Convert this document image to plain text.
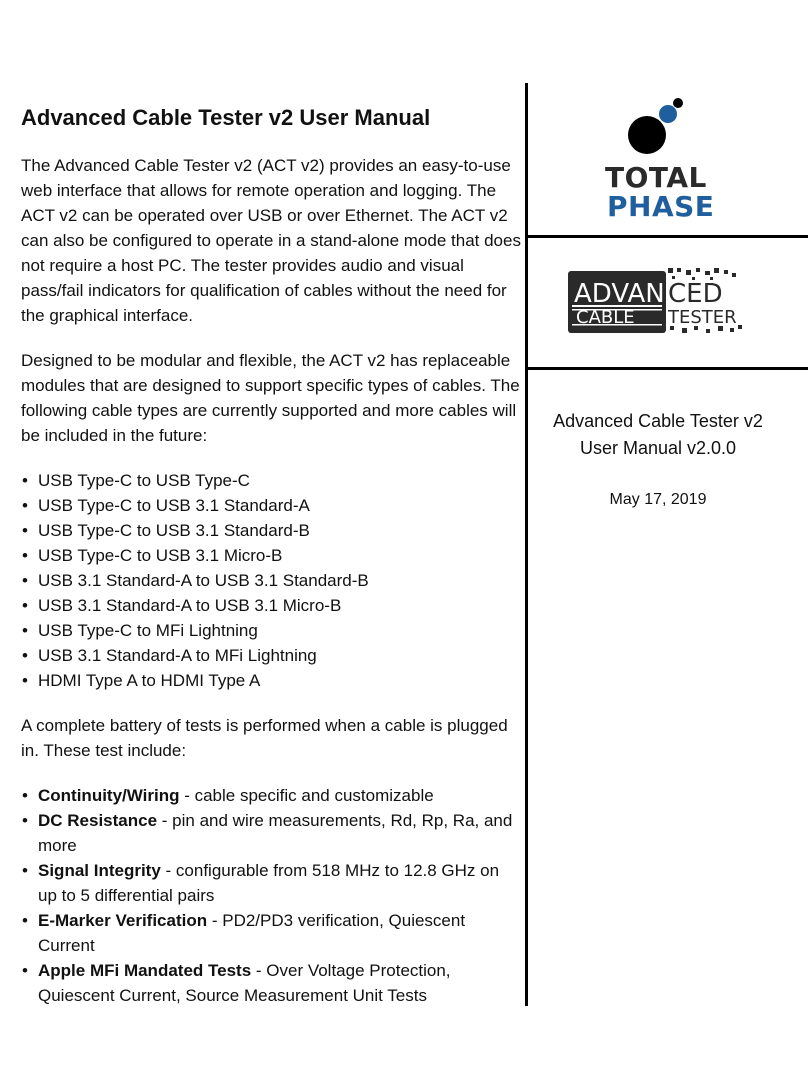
Advanced Cable Tester v2 User Manual

The Advanced Cable Tester v2 (ACT v2) provides an easy-to-use web interface that allows for remote operation and logging. The ACT v2 can be operated over USB or over Ethernet. The ACT v2 can also be configured to operate in a stand-alone mode that does not require a host PC. The tester provides audio and visual pass/fail indicators for qualification of cables without the need for the graphical interface.

Designed to be modular and flexible, the ACT v2 has replaceable modules that are designed to support specific types of cables. The following cable types are currently supported and more cables will be included in the future:

• USB Type-C to USB Type-C
• USB Type-C to USB 3.1 Standard-A
• USB Type-C to USB 3.1 Standard-B
• USB Type-C to USB 3.1 Micro-B
• USB 3.1 Standard-A to USB 3.1 Standard-B
• USB 3.1 Standard-A to USB 3.1 Micro-B
• USB Type-C to MFi Lightning
• USB 3.1 Standard-A to MFi Lightning
• HDMI Type A to HDMI Type A

A complete battery of tests is performed when a cable is plugged in. These test include:

• Continuity/Wiring - cable specific and customizable
• DC Resistance - pin and wire measurements, Rd, Rp, Ra, and more
• Signal Integrity - configurable from 518 MHz to 12.8 GHz on up to 5 differential pairs
• E-Marker Verification - PD2/PD3 verification, Quiescent Current
• Apple MFi Mandated Tests - Over Voltage Protection, Quiescent Current, Source Measurement Unit Tests
TOTAL
PHASE
ADVAN CED
CABLE TESTER
Advanced Cable Tester v2
User Manual v2.0.0
May 17, 2019
